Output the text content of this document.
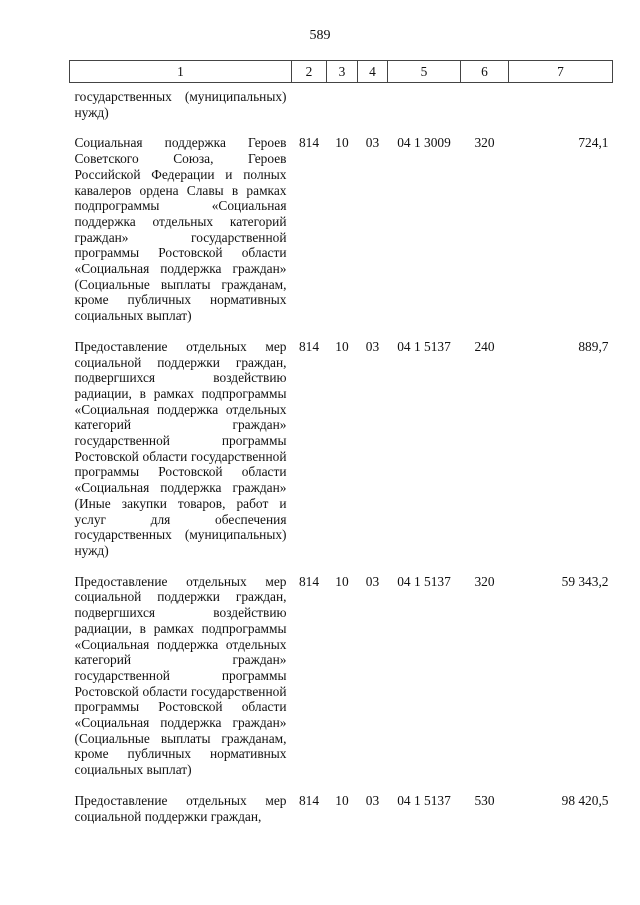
589
1	2	3	4	5	6	7
государственных (муниципальных) нужд)						
Социальная поддержка Героев Советского Союза, Героев Российской Федерации и полных кавалеров ордена Славы в рамках подпрограммы «Социальная поддержка отдельных категорий граждан» государственной программы Ростовской области «Социальная поддержка граждан» (Социальные выплаты гражданам, кроме публичных нормативных социальных выплат)	814	10	03	04 1 3009	320	724,1
Предоставление отдельных мер социальной поддержки граждан, подвергшихся воздействию радиации, в рамках подпрограммы «Социальная поддержка отдельных категорий граждан» государственной программы Ростовской области государственной программы Ростовской области «Социальная поддержка граждан» (Иные закупки товаров, работ и услуг для обеспечения государственных (муниципальных) нужд)	814	10	03	04 1 5137	240	889,7
Предоставление отдельных мер социальной поддержки граждан, подвергшихся воздействию радиации, в рамках подпрограммы «Социальная поддержка отдельных категорий граждан» государственной программы Ростовской области государственной программы Ростовской области «Социальная поддержка граждан» (Социальные выплаты гражданам, кроме публичных нормативных социальных выплат)	814	10	03	04 1 5137	320	59 343,2
Предоставление отдельных мер социальной поддержки граждан,	814	10	03	04 1 5137	530	98 420,5
